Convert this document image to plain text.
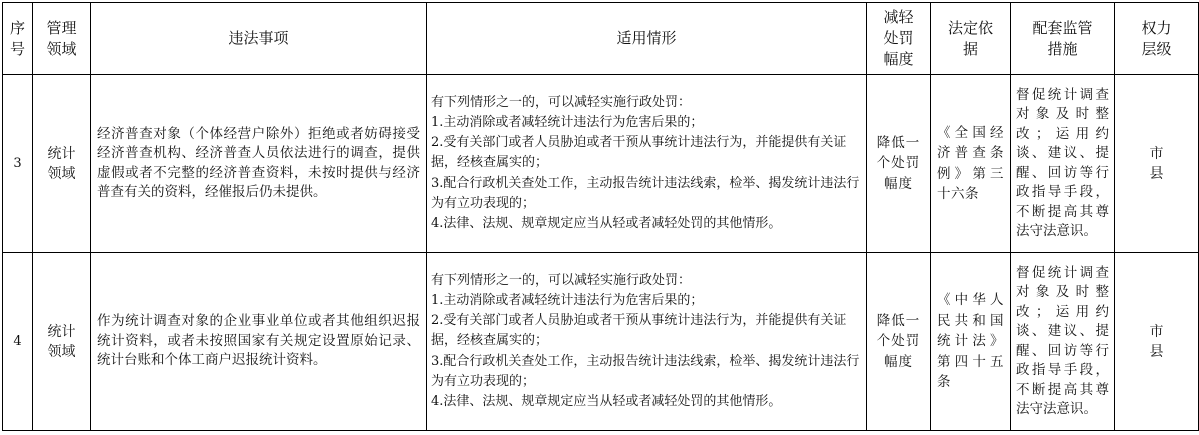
序
号	管理
领域	违法事项	适用情形	减轻
处罚
幅度	法定依
据	配套监管
措施	权力
层级

3	统计
领域	经济普查对象（个体经营户除外）拒绝或者妨碍接受经济普查机构、经济普查人员依法进行的调查，提供虚假或者不完整的经济普查资料，未按时提供与经济普查有关的资料，经催报后仍未提供。	有下列情形之一的，可以减轻实施行政处罚：
1.主动消除或者减轻统计违法行为危害后果的；
2.受有关部门或者人员胁迫或者干预从事统计违法行为，并能提供有关证据，经核查属实的；
3.配合行政机关查处工作，主动报告统计违法线索，检举、揭发统计违法行为有立功表现的；
4.法律、法规、规章规定应当从轻或者减轻处罚的其他情形。	降低一个处罚幅度	《全国经济普查条例》第三十六条	督促统计调查对象及时整改；运用约谈、建议、提醒、回访等行政指导手段，不断提高其尊法守法意识。	市
县

4	统计
领域	作为统计调查对象的企业事业单位或者其他组织迟报统计资料，或者未按照国家有关规定设置原始记录、统计台账和个体工商户迟报统计资料。	有下列情形之一的，可以减轻实施行政处罚：
1.主动消除或者减轻统计违法行为危害后果的；
2.受有关部门或者人员胁迫或者干预从事统计违法行为，并能提供有关证据，经核查属实的；
3.配合行政机关查处工作，主动报告统计违法线索，检举、揭发统计违法行为有立功表现的；
4.法律、法规、规章规定应当从轻或者减轻处罚的其他情形。	降低一个处罚幅度	《中华人民共和国统计法》第四十五条	督促统计调查对象及时整改；运用约谈、建议、提醒、回访等行政指导手段，不断提高其尊法守法意识。	市
县
